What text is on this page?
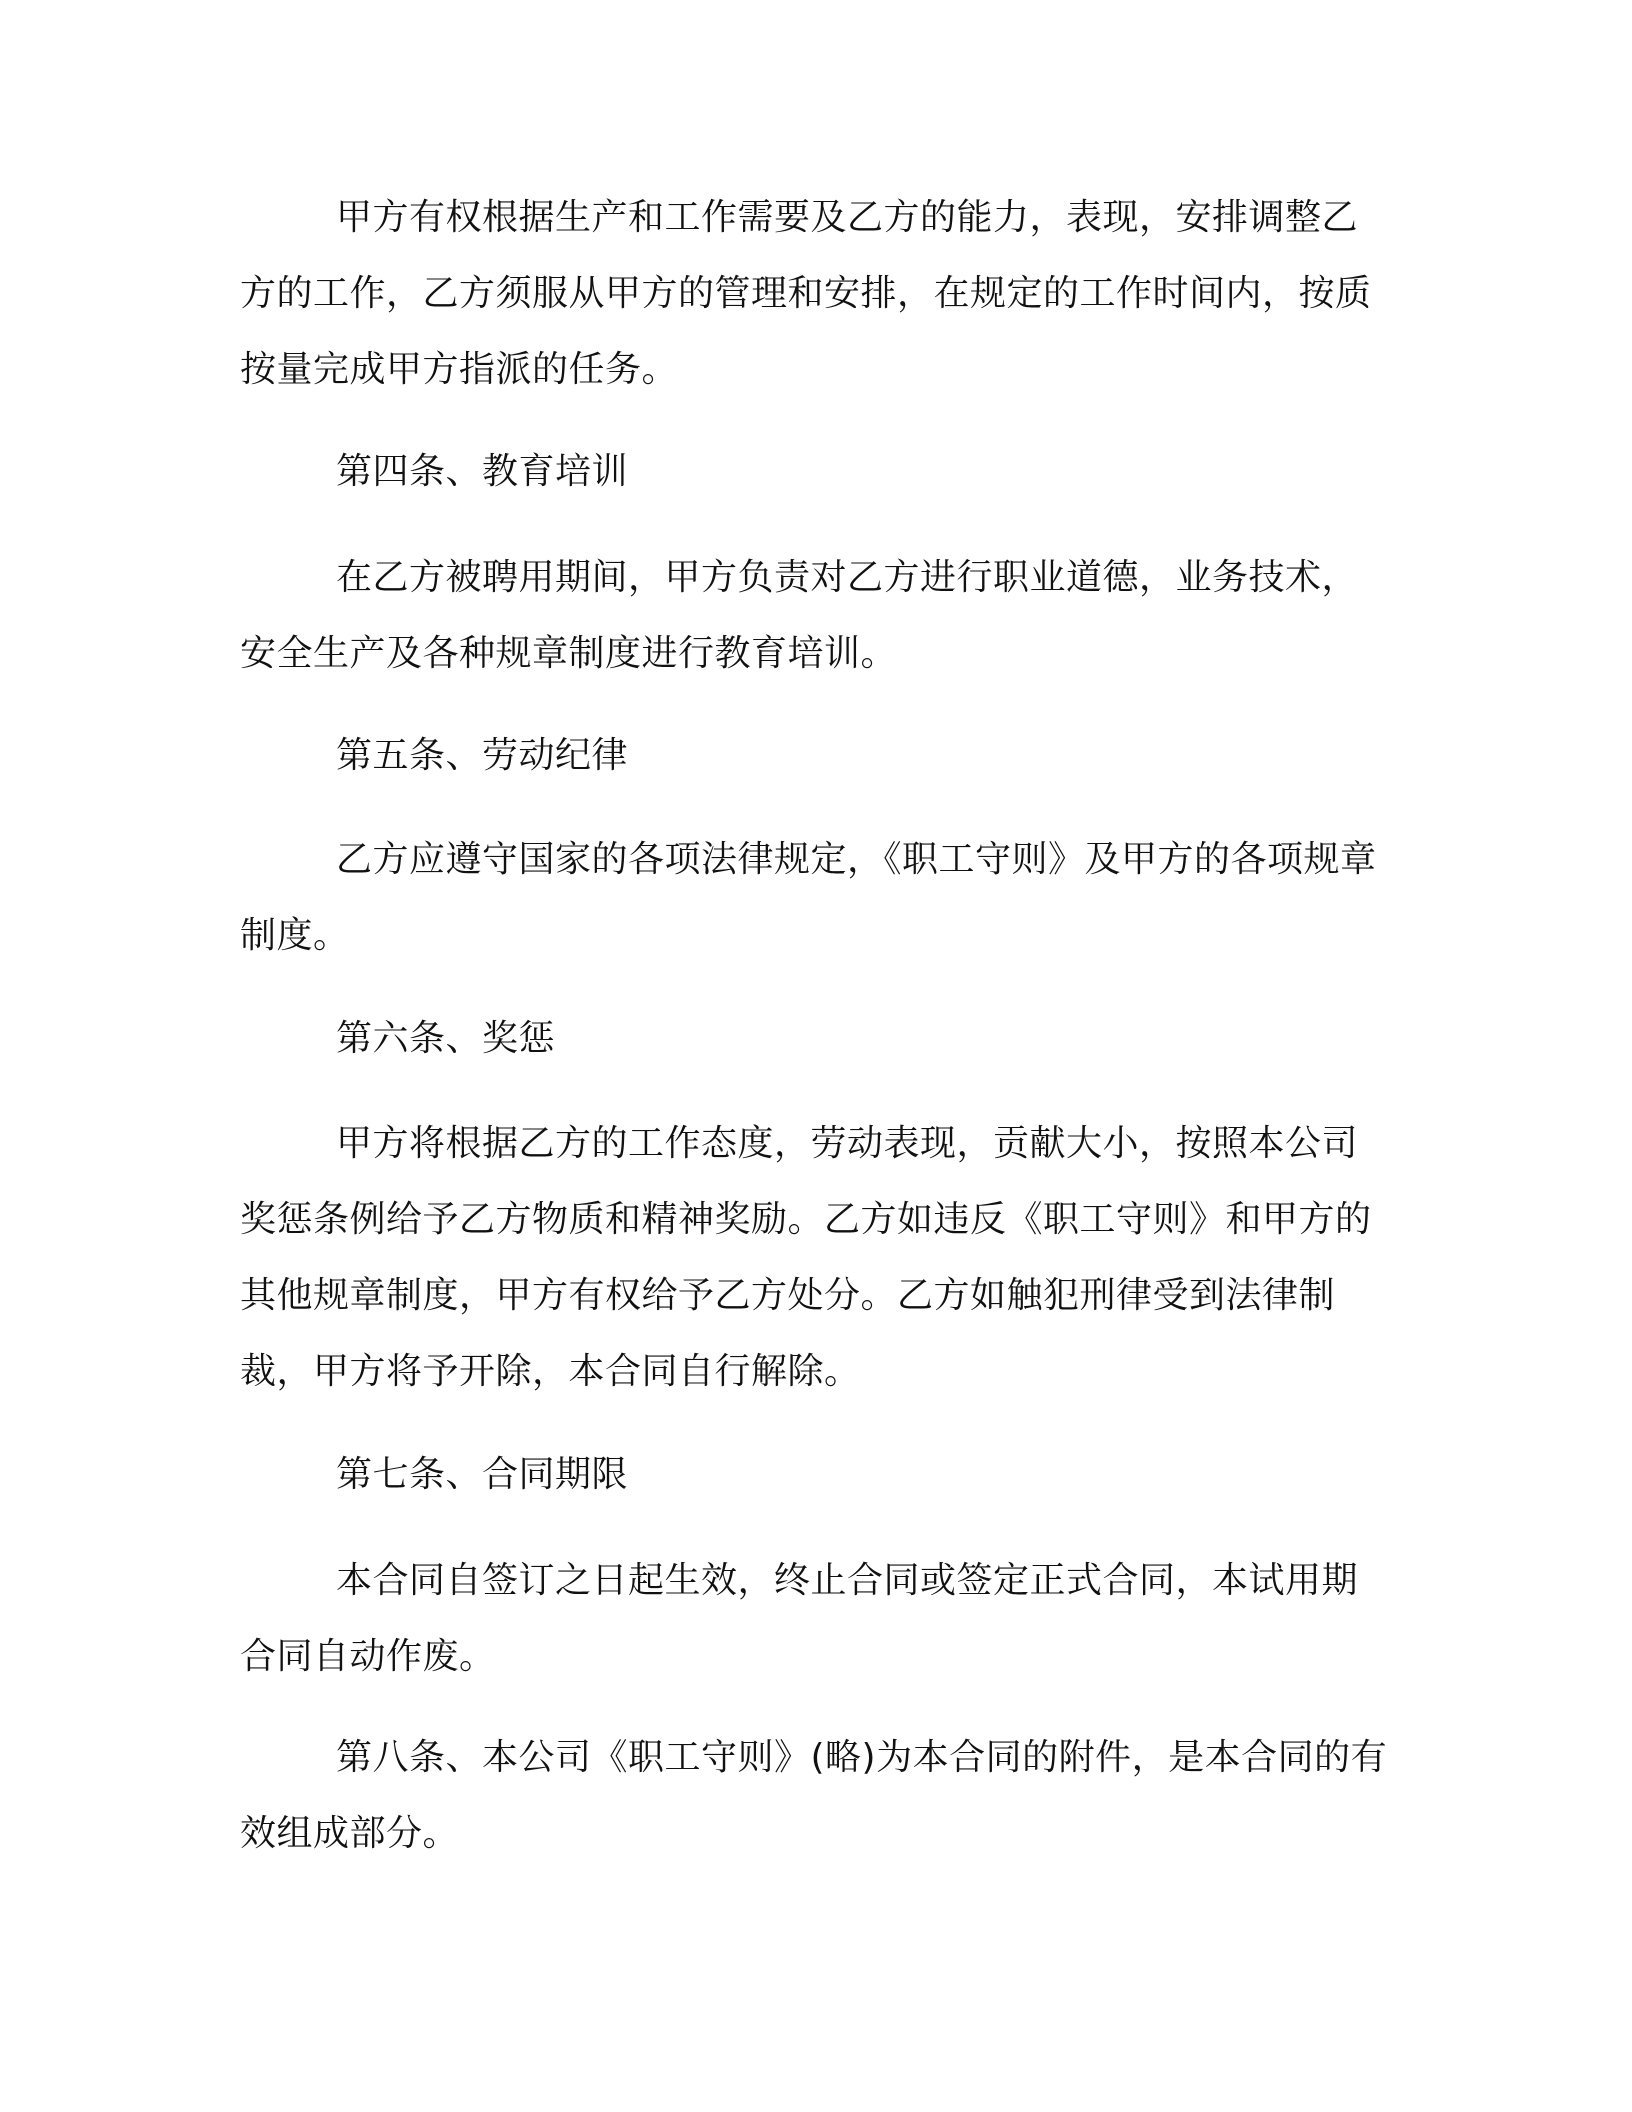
甲方有权根据生产和工作需要及乙方的能力，表现，安排调整乙方的工作，乙方须服从甲方的管理和安排，在规定的工作时间内，按质按量完成甲方指派的任务。

第四条、教育培训

在乙方被聘用期间，甲方负责对乙方进行职业道德，业务技术，安全生产及各种规章制度进行教育培训。

第五条、劳动纪律

乙方应遵守国家的各项法律规定，《职工守则》及甲方的各项规章制度。

第六条、奖惩

甲方将根据乙方的工作态度，劳动表现，贡献大小，按照本公司奖惩条例给予乙方物质和精神奖励。乙方如违反《职工守则》和甲方的其他规章制度，甲方有权给予乙方处分。乙方如触犯刑律受到法律制裁，甲方将予开除，本合同自行解除。

第七条、合同期限

本合同自签订之日起生效，终止合同或签定正式合同，本试用期合同自动作废。

第八条、本公司《职工守则》(略)为本合同的附件，是本合同的有效组成部分。
